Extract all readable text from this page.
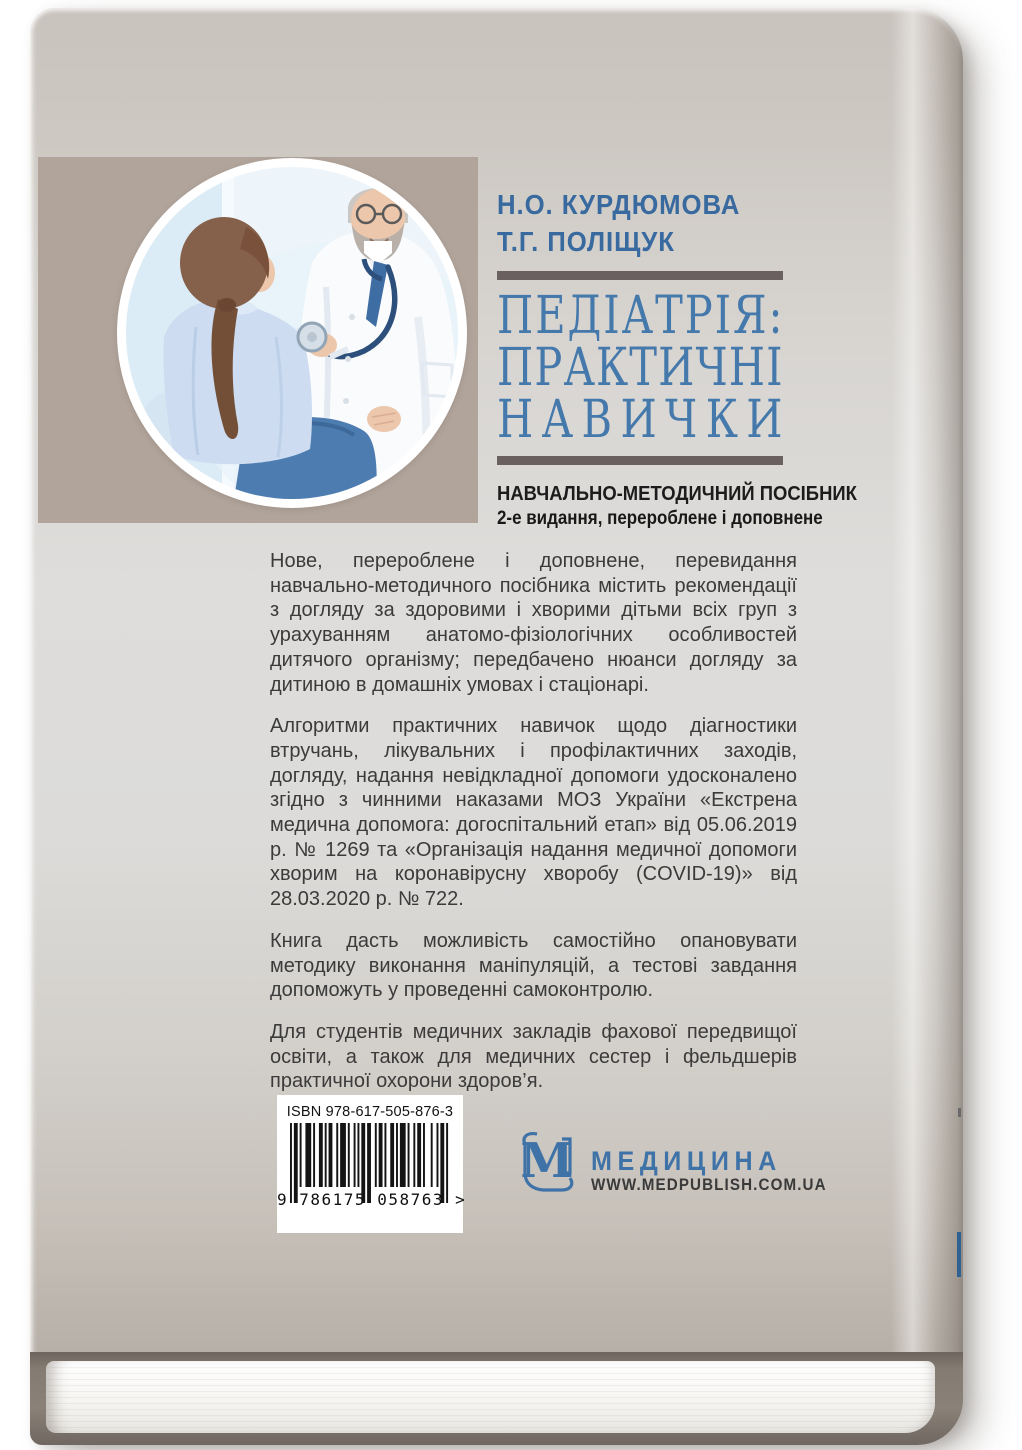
Н.О. КУРДЮМОВА
Т.Г. ПОЛІЩУК
П Е Д І А Т Р І Я :
П Р А К Т И Ч Н І
Н А В И Ч К И
НАВЧАЛЬНО-МЕТОДИЧНИЙ ПОСІБНИК
2-е видання, перероблене і доповнене

Нове, перероблене і доповнене, перевидання навчально-методичного посібника містить рекомендації з догляду за здоровими і хворими дітьми всіх груп з урахуванням анатомо-фізіологічних особливостей дитячого організму; передбачено нюанси догляду за дитиною в домашніх умовах і стаціонарі.

Алгоритми практичних навичок щодо діагностики втручань, лікувальних і профілактичних заходів, догляду, надання невідкладної допомоги удосконалено згідно з чинними наказами МОЗ України «Екстрена медична допомога: догоспітальний етап» від 05.06.2019 р. № 1269 та «Організація надання медичної допомоги хворим на коронавірусну хворобу (COVID-19)» від 28.03.2020 р. № 722.

Книга дасть можливість самостійно опановувати методику виконання маніпуляцій, а тестові завдання допоможуть у проведенні самоконтролю.

Для студентів медичних закладів фахової передвищої освіти, а також для медичних сестер і фельдшерів практичної охорони здоров’я.

ISBN 978-617-505-876-3
9 786175 058763 >
М МЕДИЦИНА
WWW.MEDPUBLISH.COM.UA
